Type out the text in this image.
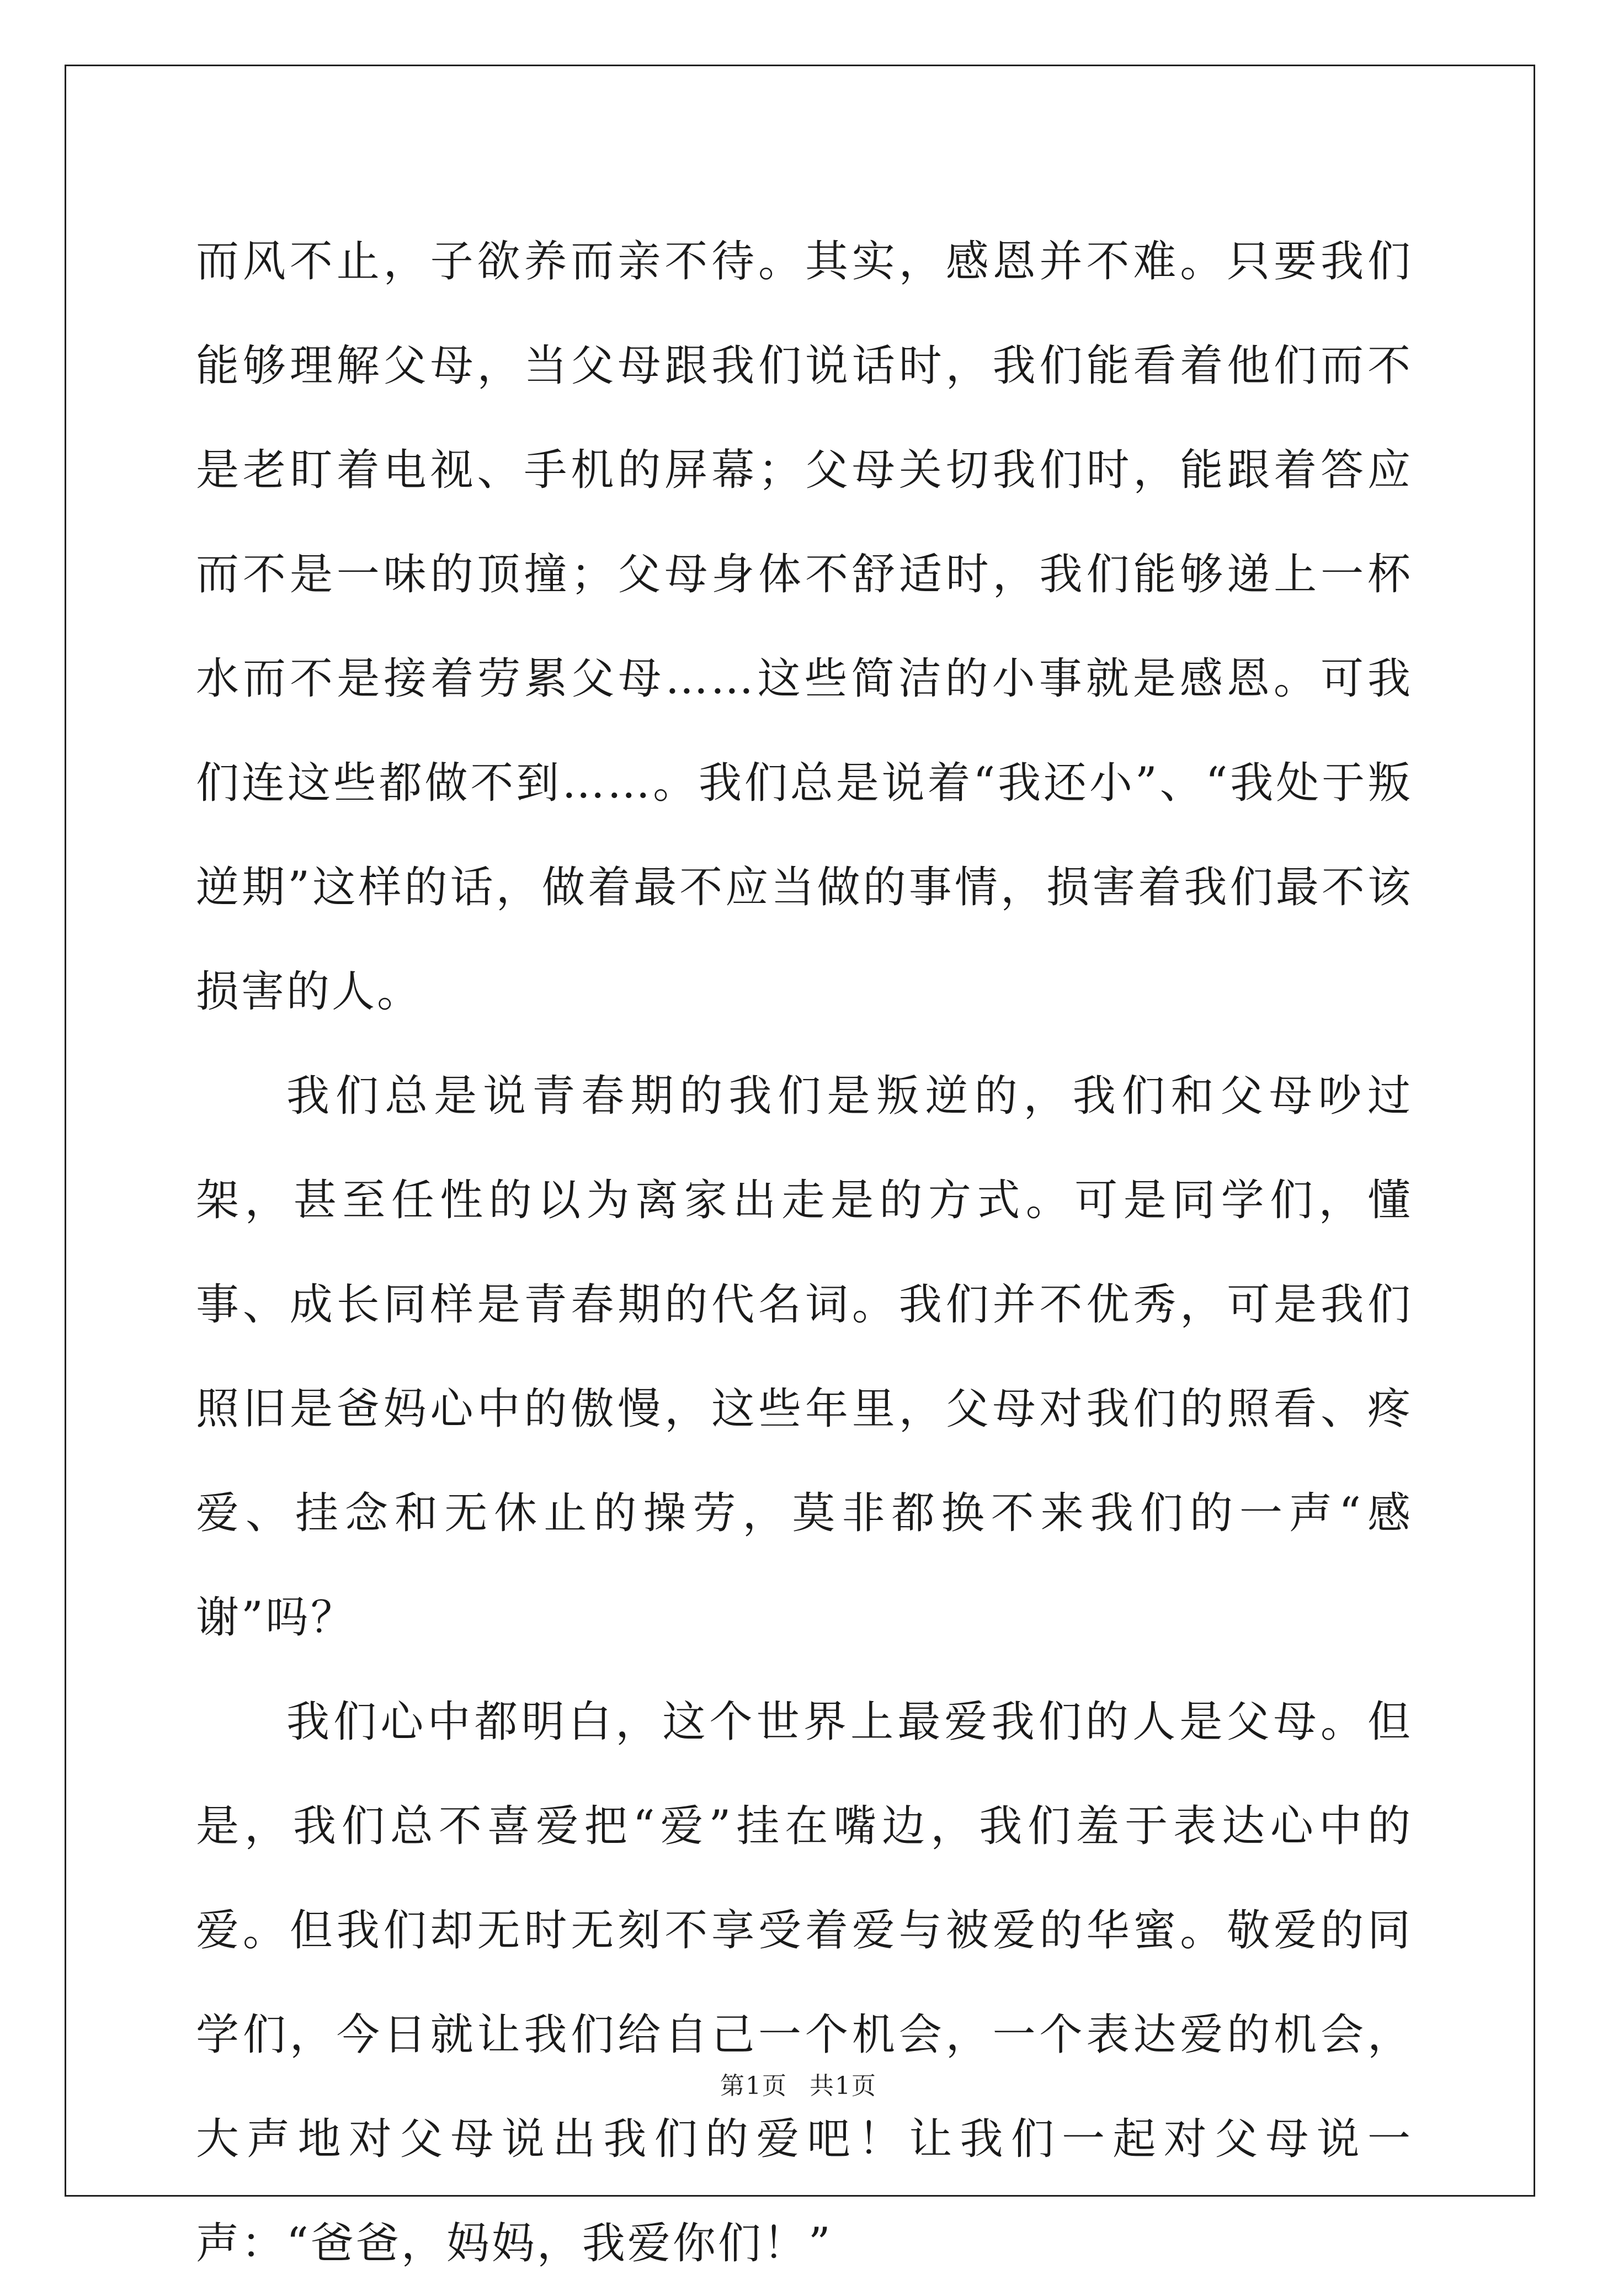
而风不止，子欲养而亲不待。其实，感恩并不难。只要我们能够理解父母，当父母跟我们说话时，我们能看着他们而不是老盯着电视、手机的屏幕；父母关切我们时，能跟着答应而不是一味的顶撞；父母身体不舒适时，我们能够递上一杯水而不是接着劳累父母……这些简洁的小事就是感恩。可我们连这些都做不到……。我们总是说着“我还小”、“我处于叛逆期”这样的话，做着最不应当做的事情，损害着我们最不该损害的人。

我们总是说青春期的我们是叛逆的，我们和父母吵过架，甚至任性的以为离家出走是的方式。可是同学们，懂事、成长同样是青春期的代名词。我们并不优秀，可是我们照旧是爸妈心中的傲慢，这些年里，父母对我们的照看、疼爱、挂念和无休止的操劳，莫非都换不来我们的一声“感谢”吗？

我们心中都明白，这个世界上最爱我们的人是父母。但是，我们总不喜爱把“爱”挂在嘴边，我们羞于表达心中的爱。但我们却无时无刻不享受着爱与被爱的华蜜。敬爱的同学们，今日就让我们给自己一个机会，一个表达爱的机会，大声地对父母说出我们的爱吧！让我们一起对父母说一声：“爸爸，妈妈，我爱你们！”

第1页 共1页
